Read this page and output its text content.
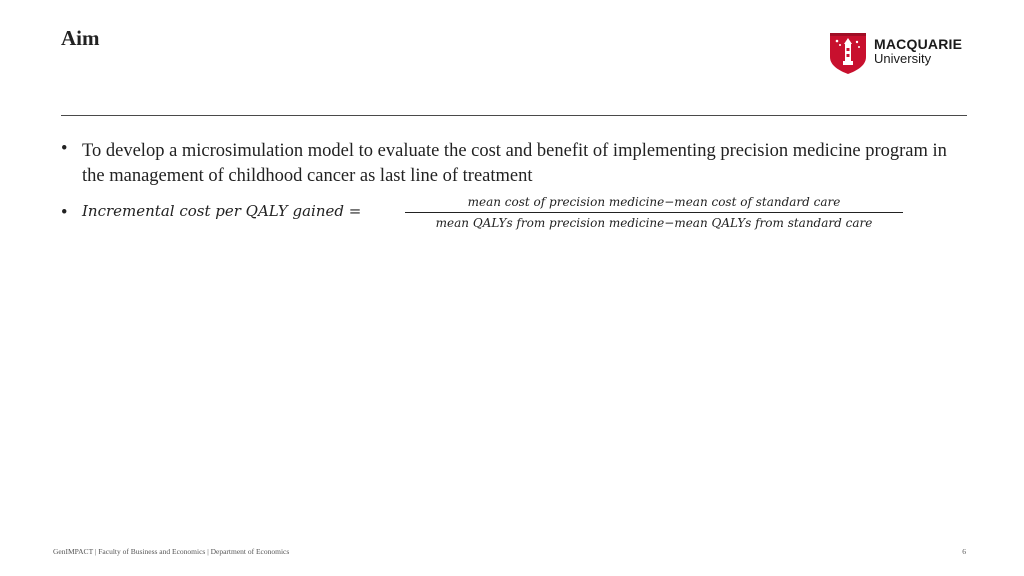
Aim	MACQUARIE
University
• To develop a microsimulation model to evaluate the cost and benefit of implementing precision medicine program in the management of childhood cancer as last line of treatment
• Incremental cost per QALY gained =	mean cost of precision medicine−mean cost of standard care
mean QALYs from precision medicine−mean QALYs from standard care
GenIMPACT | Faculty of Business and Economics | Department of Economics	6
